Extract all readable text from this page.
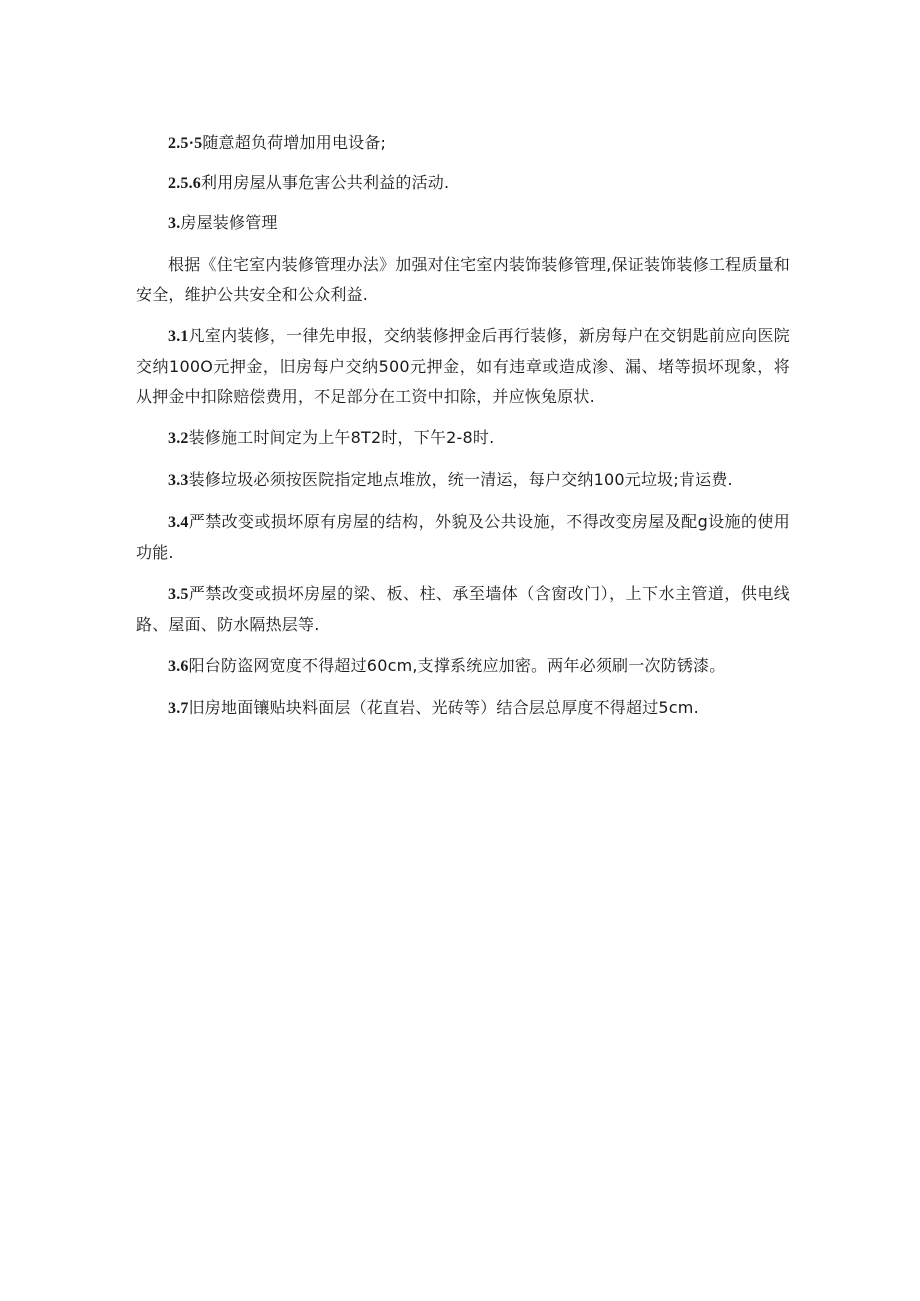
2.5·5随意超负荷增加用电设备;

2.5.6利用房屋从事危害公共利益的活动.

3.房屋装修管理

根据《住宅室内装修管理办法》加强对住宅室内装饰装修管理,保证装饰装修工程质量和安全，维护公共安全和公众利益.

3.1凡室内装修，一律先申报，交纳装修押金后再行装修，新房每户在交钥匙前应向医院交纳100O元押金，旧房每户交纳500元押金，如有违章或造成渗、漏、堵等损坏现象，将从押金中扣除赔偿费用，不足部分在工资中扣除，并应恢兔原状.

3.2装修施工时间定为上午8T2时，下午2-8时.

3.3装修垃圾必须按医院指定地点堆放，统一清运，每户交纳100元垃圾;肯运费.

3.4严禁改变或损坏原有房屋的结构，外貌及公共设施，不得改变房屋及配g设施的使用功能.

3.5严禁改变或损坏房屋的梁、板、柱、承至墙体（含窗改门），上下水主管道，供电线路、屋面、防水隔热层等.

3.6阳台防盗网宽度不得超过60cm,支撑系统应加密。两年必须刷一次防锈漆。

3.7旧房地面镶贴块料面层（花直岩、光砖等）结合层总厚度不得超过5cm.
